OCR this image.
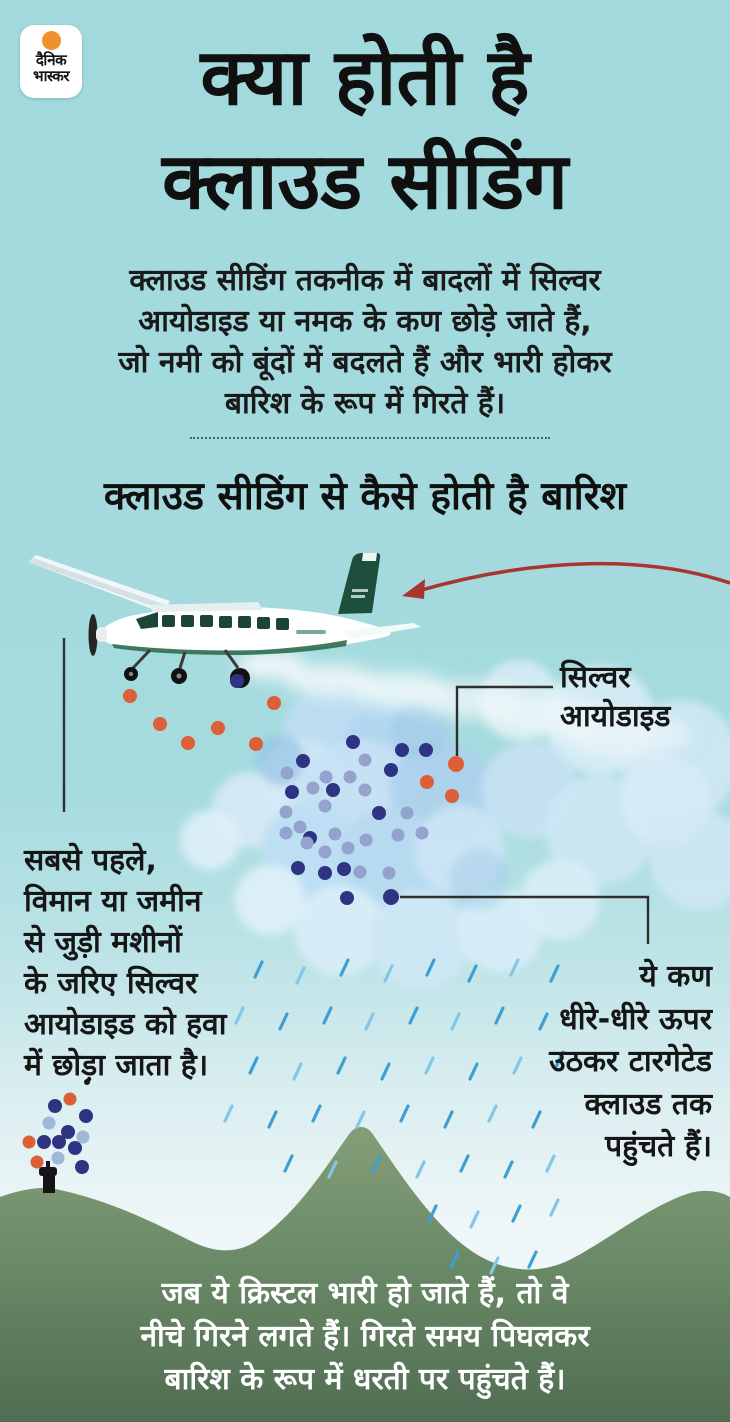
दैनिक
भास्कर	क्या होती है
क्लाउड सीडिंग
क्लाउड सीडिंग तकनीक में बादलों में सिल्वर
आयोडाइड या नमक के कण छोड़े जाते हैं,
जो नमी को बूंदों में बदलते हैं और भारी होकर
बारिश के रूप में गिरते हैं।
क्लाउड सीडिंग से कैसे होती है बारिश
सिल्वर
आयोडाइड
सबसे पहले,
विमान या जमीन
से जुड़ी मशीनों
के जरिए सिल्वर
आयोडाइड को हवा
में छोड़ा जाता है।
ये कण
धीरे-धीरे ऊपर
उठकर टारगेटेड
क्लाउड तक
पहुंचते हैं।
जब ये क्रिस्टल भारी हो जाते हैं, तो वे
नीचे गिरने लगते हैं। गिरते समय पिघलकर
बारिश के रूप में धरती पर पहुंचते हैं।
